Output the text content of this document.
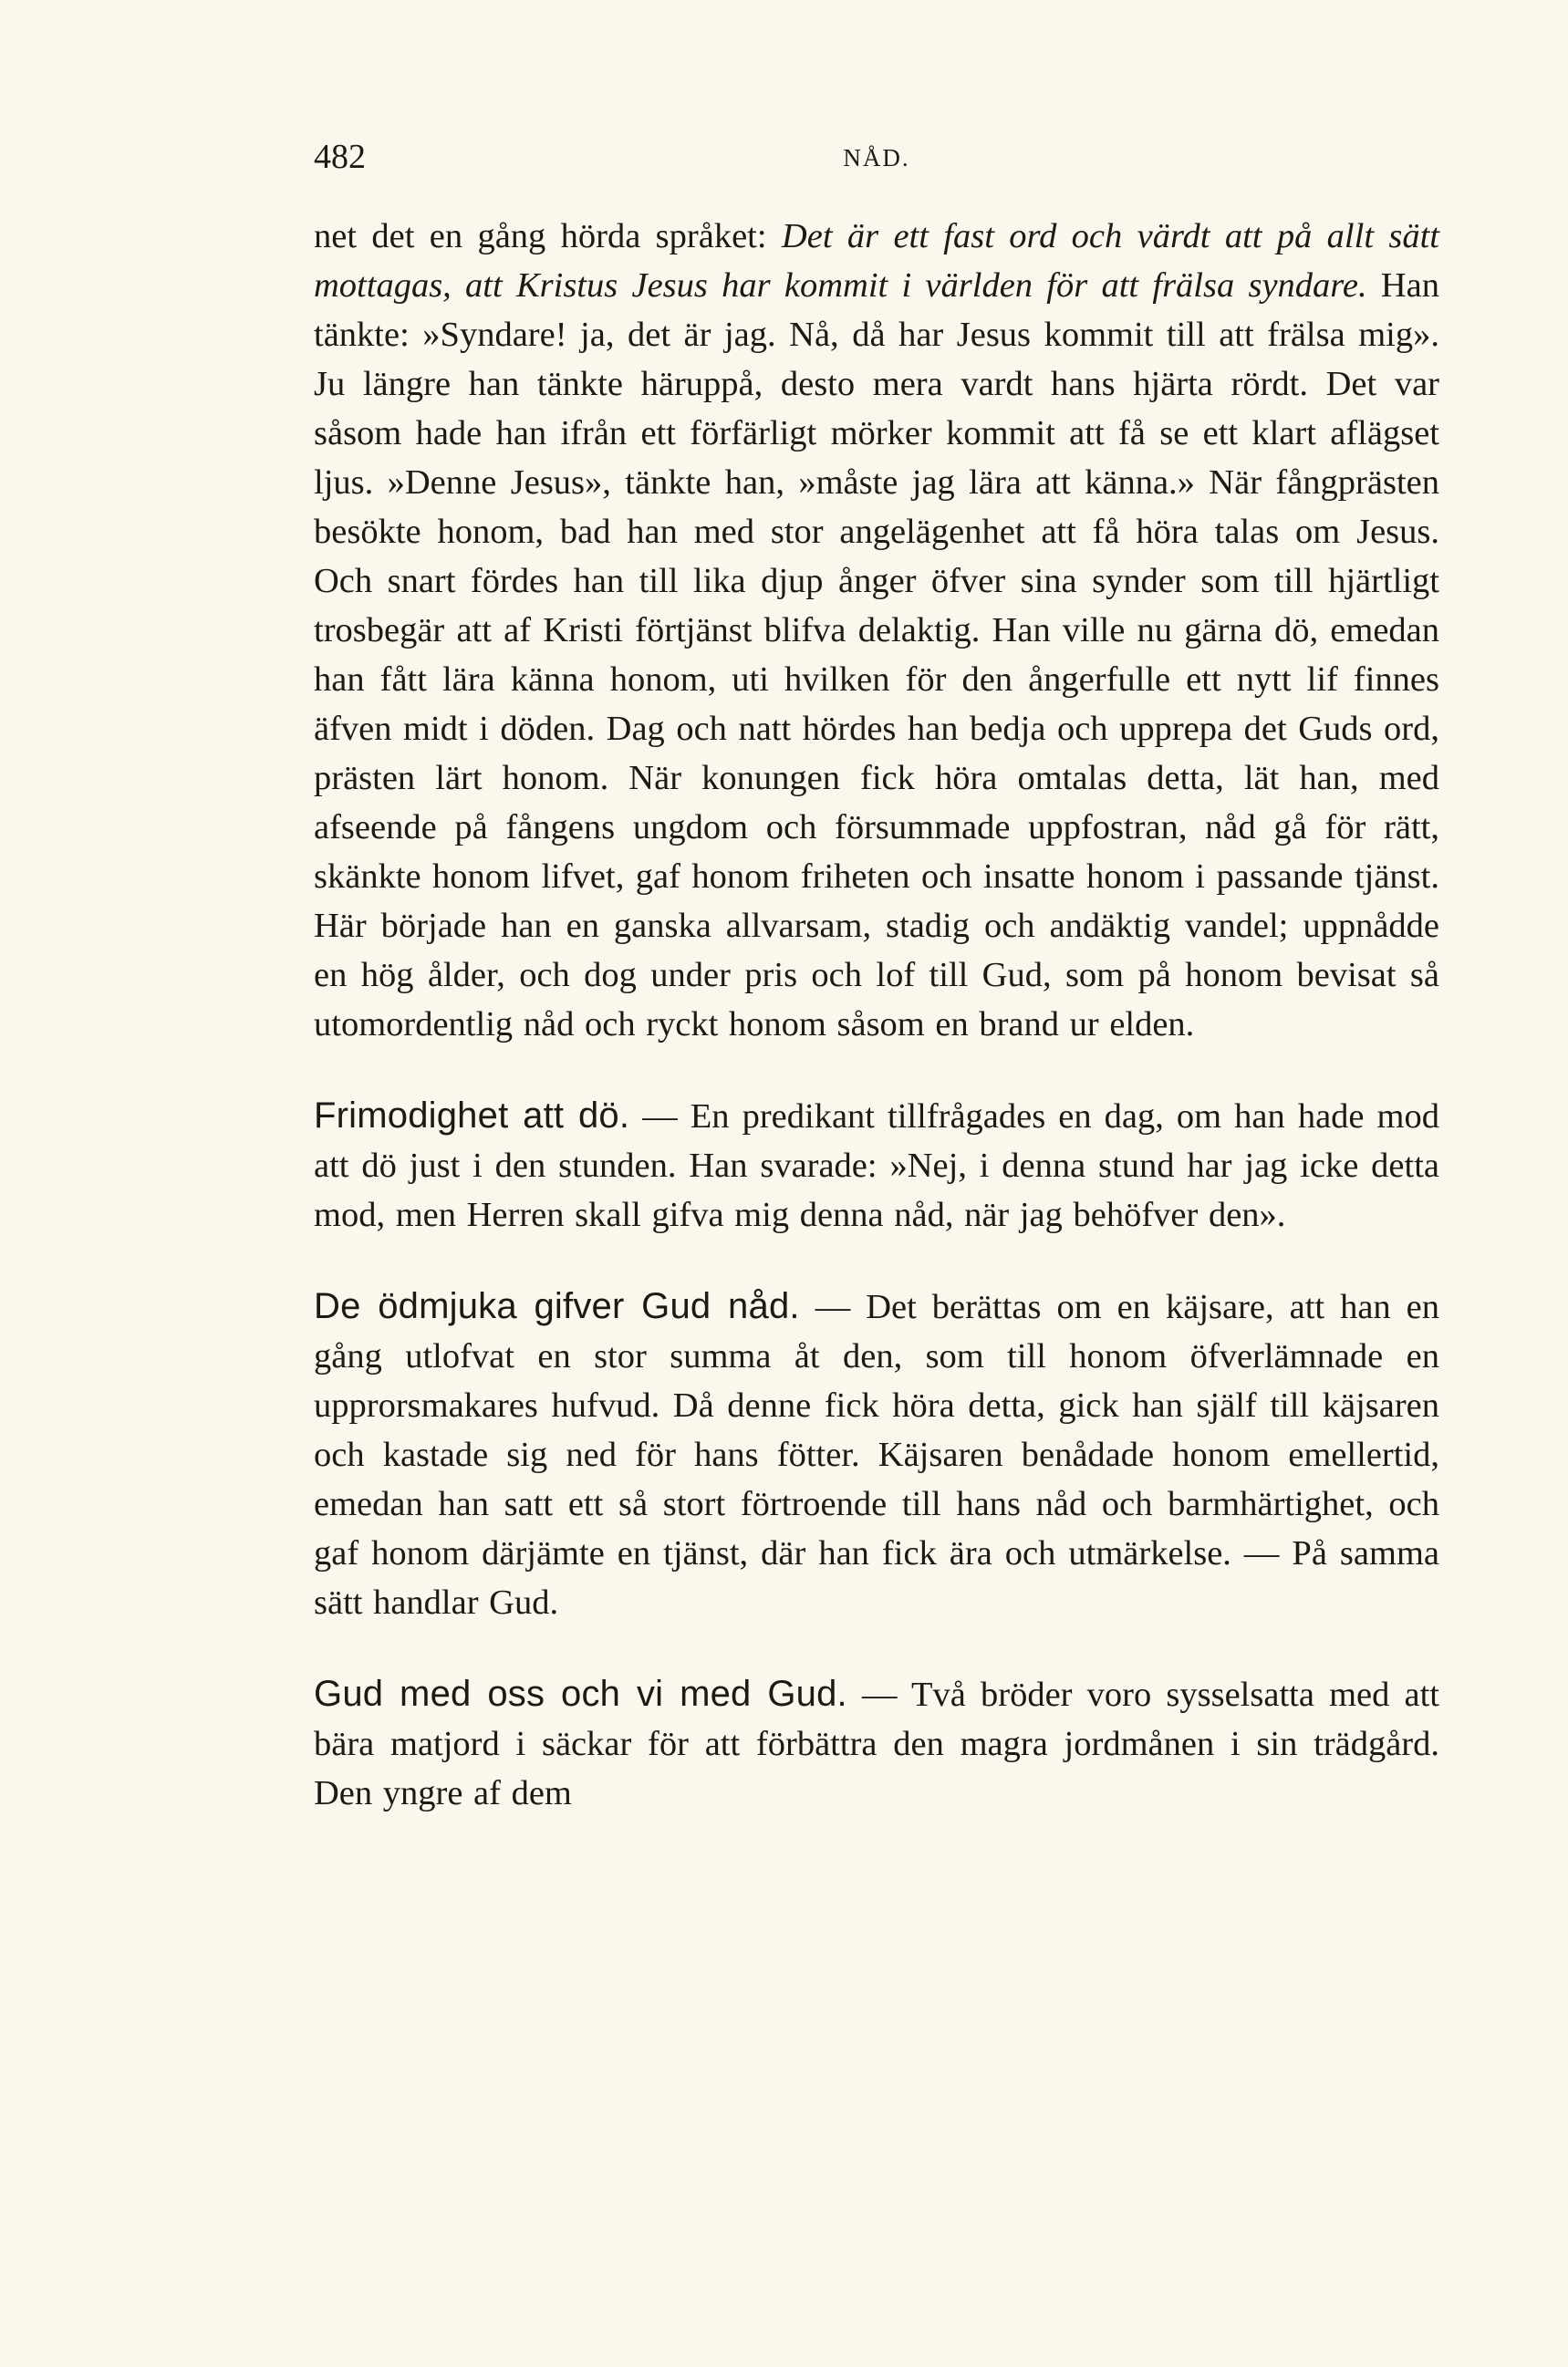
482	NÅD.

net det en gång hörda språket: Det är ett fast ord och värdt att på allt sätt mottagas, att Kristus Jesus har kommit i världen för att frälsa syndare. Han tänkte: »Syndare! ja, det är jag. Nå, då har Jesus kommit till att frälsa mig». Ju längre han tänkte häruppå, desto mera vardt hans hjärta rördt. Det var såsom hade han ifrån ett förfärligt mörker kommit att få se ett klart aflägset ljus. »Denne Jesus», tänkte han, »måste jag lära att känna.» När fångprästen besökte honom, bad han med stor angelägenhet att få höra talas om Jesus. Och snart fördes han till lika djup ånger öfver sina synder som till hjärtligt trosbegär att af Kristi förtjänst blifva delaktig. Han ville nu gärna dö, emedan han fått lära känna honom, uti hvilken för den ångerfulle ett nytt lif finnes äfven midt i döden. Dag och natt hördes han bedja och upprepa det Guds ord, prästen lärt honom. När konungen fick höra omtalas detta, lät han, med afseende på fångens ungdom och försummade uppfostran, nåd gå för rätt, skänkte honom lifvet, gaf honom friheten och insatte honom i passande tjänst. Här började han en ganska allvarsam, stadig och andäktig vandel; uppnådde en hög ålder, och dog under pris och lof till Gud, som på honom bevisat så utomordentlig nåd och ryckt honom såsom en brand ur elden.

Frimodighet att dö. — En predikant tillfrågades en dag, om han hade mod att dö just i den stunden. Han svarade: »Nej, i denna stund har jag icke detta mod, men Herren skall gifva mig denna nåd, när jag behöfver den».

De ödmjuka gifver Gud nåd. — Det berättas om en käjsare, att han en gång utlofvat en stor summa åt den, som till honom öfverlämnade en upprorsmakares hufvud. Då denne fick höra detta, gick han själf till käjsaren och kastade sig ned för hans fötter. Käjsaren benådade honom emellertid, emedan han satt ett så stort förtroende till hans nåd och barmhärtighet, och gaf honom därjämte en tjänst, där han fick ära och utmärkelse. — På samma sätt handlar Gud.

Gud med oss och vi med Gud. — Två bröder voro sysselsatta med att bära matjord i säckar för att förbättra den magra jordmånen i sin trädgård. Den yngre af dem
